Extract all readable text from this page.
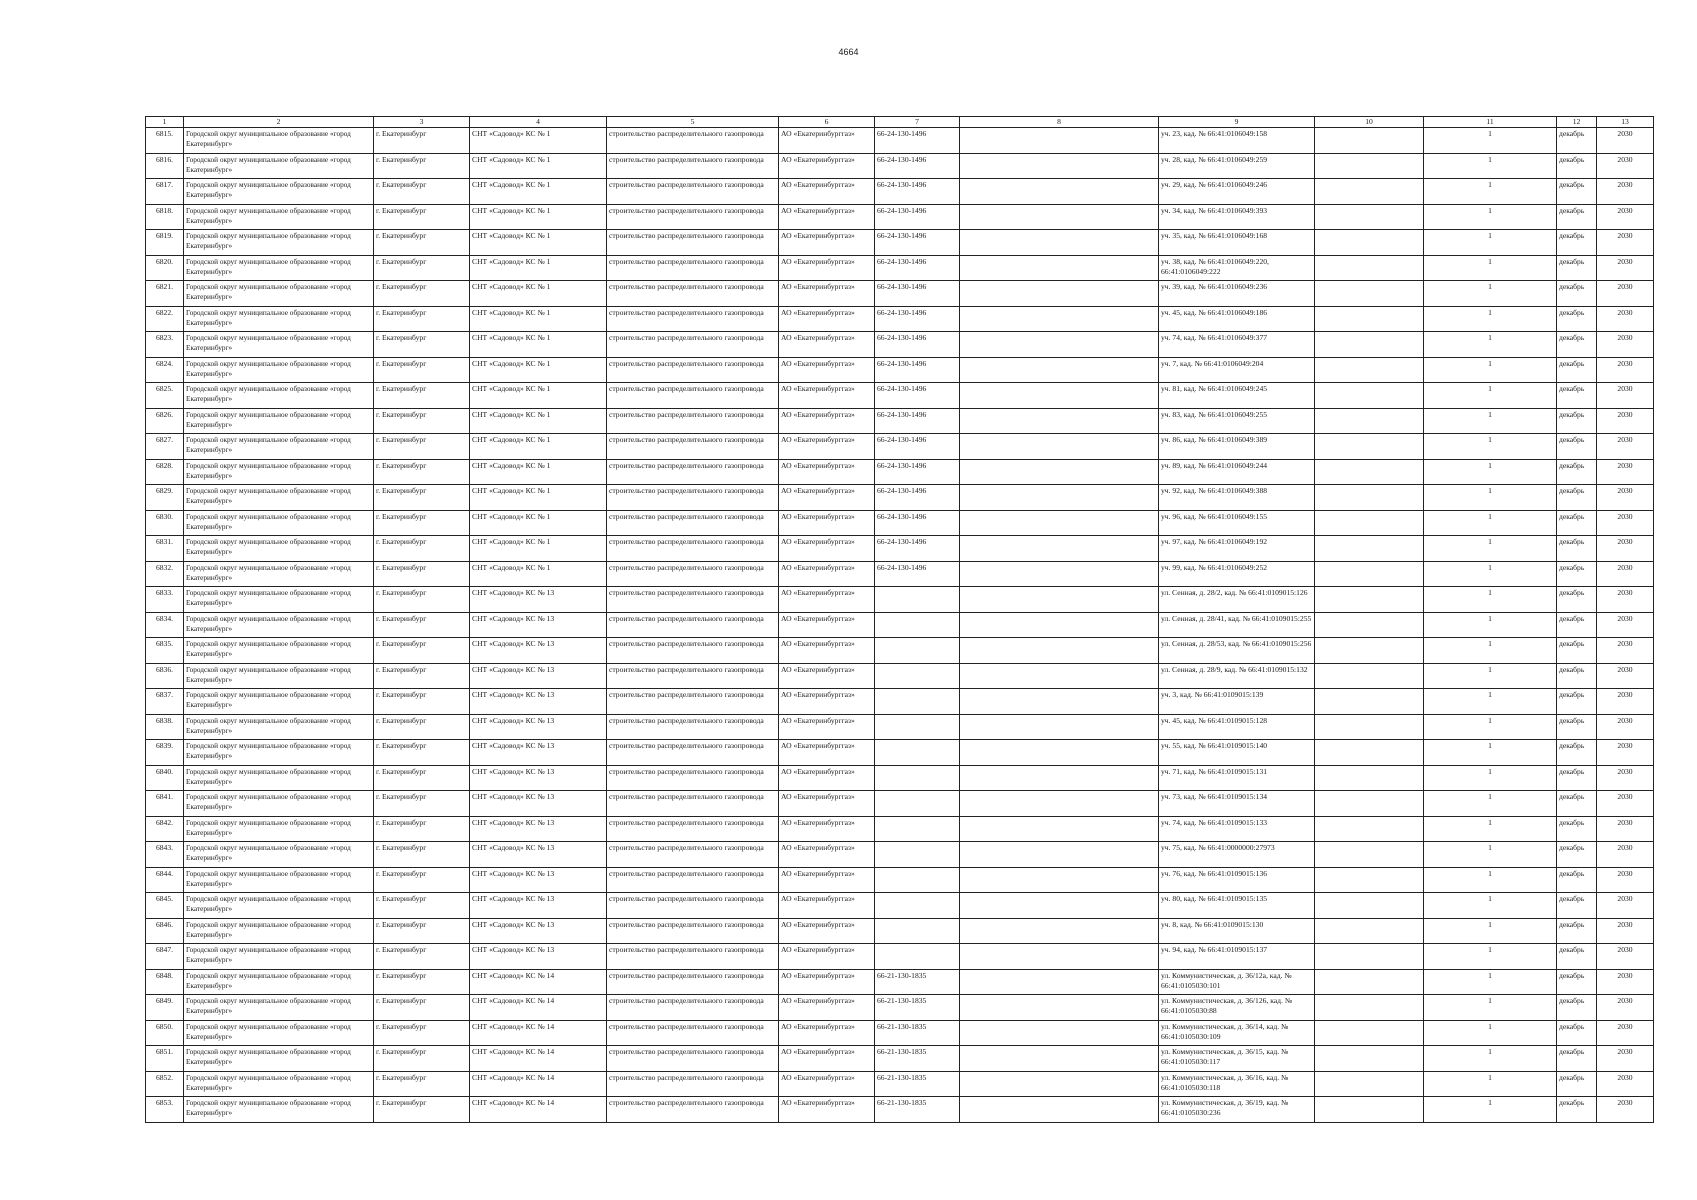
4664
1	2	3	4	5	6	7	8	9	10	11	12	13
6815.	Городской округ муниципальное образование «город Екатеринбург»	г. Екатеринбург	СНТ «Садовод» КС № 1	строительство распределительного газопровода	АО «Екатеринбурггаз»	66-24-130-1496		уч. 23, кад. № 66:41:0106049:158		1	декабрь	2030
6816.	Городской округ муниципальное образование «город Екатеринбург»	г. Екатеринбург	СНТ «Садовод» КС № 1	строительство распределительного газопровода	АО «Екатеринбурггаз»	66-24-130-1496		уч. 28, кад. № 66:41:0106049:259		1	декабрь	2030
6817.	Городской округ муниципальное образование «город Екатеринбург»	г. Екатеринбург	СНТ «Садовод» КС № 1	строительство распределительного газопровода	АО «Екатеринбурггаз»	66-24-130-1496		уч. 29, кад. № 66:41:0106049:246		1	декабрь	2030
6818.	Городской округ муниципальное образование «город Екатеринбург»	г. Екатеринбург	СНТ «Садовод» КС № 1	строительство распределительного газопровода	АО «Екатеринбурггаз»	66-24-130-1496		уч. 34, кад. № 66:41:0106049:393		1	декабрь	2030
6819.	Городской округ муниципальное образование «город Екатеринбург»	г. Екатеринбург	СНТ «Садовод» КС № 1	строительство распределительного газопровода	АО «Екатеринбурггаз»	66-24-130-1496		уч. 35, кад. № 66:41:0106049:168		1	декабрь	2030
6820.	Городской округ муниципальное образование «город Екатеринбург»	г. Екатеринбург	СНТ «Садовод» КС № 1	строительство распределительного газопровода	АО «Екатеринбурггаз»	66-24-130-1496		уч. 38, кад. № 66:41:0106049:220, 66:41:0106049:222		1	декабрь	2030
6821.	Городской округ муниципальное образование «город Екатеринбург»	г. Екатеринбург	СНТ «Садовод» КС № 1	строительство распределительного газопровода	АО «Екатеринбурггаз»	66-24-130-1496		уч. 39, кад. № 66:41:0106049:236		1	декабрь	2030
6822.	Городской округ муниципальное образование «город Екатеринбург»	г. Екатеринбург	СНТ «Садовод» КС № 1	строительство распределительного газопровода	АО «Екатеринбурггаз»	66-24-130-1496		уч. 45, кад. № 66:41:0106049:186		1	декабрь	2030
6823.	Городской округ муниципальное образование «город Екатеринбург»	г. Екатеринбург	СНТ «Садовод» КС № 1	строительство распределительного газопровода	АО «Екатеринбурггаз»	66-24-130-1496		уч. 74, кад. № 66:41:0106049:377		1	декабрь	2030
6824.	Городской округ муниципальное образование «город Екатеринбург»	г. Екатеринбург	СНТ «Садовод» КС № 1	строительство распределительного газопровода	АО «Екатеринбурггаз»	66-24-130-1496		уч. 7, кад. № 66:41:0106049:204		1	декабрь	2030
6825.	Городской округ муниципальное образование «город Екатеринбург»	г. Екатеринбург	СНТ «Садовод» КС № 1	строительство распределительного газопровода	АО «Екатеринбурггаз»	66-24-130-1496		уч. 81, кад. № 66:41:0106049:245		1	декабрь	2030
6826.	Городской округ муниципальное образование «город Екатеринбург»	г. Екатеринбург	СНТ «Садовод» КС № 1	строительство распределительного газопровода	АО «Екатеринбурггаз»	66-24-130-1496		уч. 83, кад. № 66:41:0106049:255		1	декабрь	2030
6827.	Городской округ муниципальное образование «город Екатеринбург»	г. Екатеринбург	СНТ «Садовод» КС № 1	строительство распределительного газопровода	АО «Екатеринбурггаз»	66-24-130-1496		уч. 86, кад. № 66:41:0106049:389		1	декабрь	2030
6828.	Городской округ муниципальное образование «город Екатеринбург»	г. Екатеринбург	СНТ «Садовод» КС № 1	строительство распределительного газопровода	АО «Екатеринбурггаз»	66-24-130-1496		уч. 89, кад. № 66:41:0106049:244		1	декабрь	2030
6829.	Городской округ муниципальное образование «город Екатеринбург»	г. Екатеринбург	СНТ «Садовод» КС № 1	строительство распределительного газопровода	АО «Екатеринбурггаз»	66-24-130-1496		уч. 92, кад. № 66:41:0106049:388		1	декабрь	2030
6830.	Городской округ муниципальное образование «город Екатеринбург»	г. Екатеринбург	СНТ «Садовод» КС № 1	строительство распределительного газопровода	АО «Екатеринбурггаз»	66-24-130-1496		уч. 96, кад. № 66:41:0106049:155		1	декабрь	2030
6831.	Городской округ муниципальное образование «город Екатеринбург»	г. Екатеринбург	СНТ «Садовод» КС № 1	строительство распределительного газопровода	АО «Екатеринбурггаз»	66-24-130-1496		уч. 97, кад. № 66:41:0106049:192		1	декабрь	2030
6832.	Городской округ муниципальное образование «город Екатеринбург»	г. Екатеринбург	СНТ «Садовод» КС № 1	строительство распределительного газопровода	АО «Екатеринбурггаз»	66-24-130-1496		уч. 99, кад. № 66:41:0106049:252		1	декабрь	2030
6833.	Городской округ муниципальное образование «город Екатеринбург»	г. Екатеринбург	СНТ «Садовод» КС № 13	строительство распределительного газопровода	АО «Екатеринбурггаз»			ул. Сенная, д. 28/2, кад. № 66:41:0109015:126		1	декабрь	2030
6834.	Городской округ муниципальное образование «город Екатеринбург»	г. Екатеринбург	СНТ «Садовод» КС № 13	строительство распределительного газопровода	АО «Екатеринбурггаз»			ул. Сенная, д. 28/41, кад. № 66:41:0109015:255		1	декабрь	2030
6835.	Городской округ муниципальное образование «город Екатеринбург»	г. Екатеринбург	СНТ «Садовод» КС № 13	строительство распределительного газопровода	АО «Екатеринбурггаз»			ул. Сенная, д. 28/53, кад. № 66:41:0109015:256		1	декабрь	2030
6836.	Городской округ муниципальное образование «город Екатеринбург»	г. Екатеринбург	СНТ «Садовод» КС № 13	строительство распределительного газопровода	АО «Екатеринбурггаз»			ул. Сенная, д. 28/9, кад. № 66:41:0109015:132		1	декабрь	2030
6837.	Городской округ муниципальное образование «город Екатеринбург»	г. Екатеринбург	СНТ «Садовод» КС № 13	строительство распределительного газопровода	АО «Екатеринбурггаз»			уч. 3, кад. № 66:41:0109015:139		1	декабрь	2030
6838.	Городской округ муниципальное образование «город Екатеринбург»	г. Екатеринбург	СНТ «Садовод» КС № 13	строительство распределительного газопровода	АО «Екатеринбурггаз»			уч. 45, кад. № 66:41:0109015:128		1	декабрь	2030
6839.	Городской округ муниципальное образование «город Екатеринбург»	г. Екатеринбург	СНТ «Садовод» КС № 13	строительство распределительного газопровода	АО «Екатеринбурггаз»			уч. 55, кад. № 66:41:0109015:140		1	декабрь	2030
6840.	Городской округ муниципальное образование «город Екатеринбург»	г. Екатеринбург	СНТ «Садовод» КС № 13	строительство распределительного газопровода	АО «Екатеринбурггаз»			уч. 71, кад. № 66:41:0109015:131		1	декабрь	2030
6841.	Городской округ муниципальное образование «город Екатеринбург»	г. Екатеринбург	СНТ «Садовод» КС № 13	строительство распределительного газопровода	АО «Екатеринбурггаз»			уч. 73, кад. № 66:41:0109015:134		1	декабрь	2030
6842.	Городской округ муниципальное образование «город Екатеринбург»	г. Екатеринбург	СНТ «Садовод» КС № 13	строительство распределительного газопровода	АО «Екатеринбурггаз»			уч. 74, кад. № 66:41:0109015:133		1	декабрь	2030
6843.	Городской округ муниципальное образование «город Екатеринбург»	г. Екатеринбург	СНТ «Садовод» КС № 13	строительство распределительного газопровода	АО «Екатеринбурггаз»			уч. 75, кад. № 66:41:0000000:27973		1	декабрь	2030
6844.	Городской округ муниципальное образование «город Екатеринбург»	г. Екатеринбург	СНТ «Садовод» КС № 13	строительство распределительного газопровода	АО «Екатеринбурггаз»			уч. 76, кад. № 66:41:0109015:136		1	декабрь	2030
6845.	Городской округ муниципальное образование «город Екатеринбург»	г. Екатеринбург	СНТ «Садовод» КС № 13	строительство распределительного газопровода	АО «Екатеринбурггаз»			уч. 80, кад. № 66:41:0109015:135		1	декабрь	2030
6846.	Городской округ муниципальное образование «город Екатеринбург»	г. Екатеринбург	СНТ «Садовод» КС № 13	строительство распределительного газопровода	АО «Екатеринбурггаз»			уч. 8, кад. № 66:41:0109015:130		1	декабрь	2030
6847.	Городской округ муниципальное образование «город Екатеринбург»	г. Екатеринбург	СНТ «Садовод» КС № 13	строительство распределительного газопровода	АО «Екатеринбурггаз»			уч. 94, кад. № 66:41:0109015:137		1	декабрь	2030
6848.	Городской округ муниципальное образование «город Екатеринбург»	г. Екатеринбург	СНТ «Садовод» КС № 14	строительство распределительного газопровода	АО «Екатеринбурггаз»	66-21-130-1835		ул. Коммунистическая, д. 36/12а, кад. № 66:41:0105030:101		1	декабрь	2030
6849.	Городской округ муниципальное образование «город Екатеринбург»	г. Екатеринбург	СНТ «Садовод» КС № 14	строительство распределительного газопровода	АО «Екатеринбурггаз»	66-21-130-1835		ул. Коммунистическая, д. 36/126, кад. № 66:41:0105030:88		1	декабрь	2030
6850.	Городской округ муниципальное образование «город Екатеринбург»	г. Екатеринбург	СНТ «Садовод» КС № 14	строительство распределительного газопровода	АО «Екатеринбурггаз»	66-21-130-1835		ул. Коммунистическая, д. 36/14, кад. № 66:41:0105030:109		1	декабрь	2030
6851.	Городской округ муниципальное образование «город Екатеринбург»	г. Екатеринбург	СНТ «Садовод» КС № 14	строительство распределительного газопровода	АО «Екатеринбурггаз»	66-21-130-1835		ул. Коммунистическая, д. 36/15, кад. № 66:41:0105030:117		1	декабрь	2030
6852.	Городской округ муниципальное образование «город Екатеринбург»	г. Екатеринбург	СНТ «Садовод» КС № 14	строительство распределительного газопровода	АО «Екатеринбурггаз»	66-21-130-1835		ул. Коммунистическая, д. 36/16, кад. № 66:41:0105030:118		1	декабрь	2030
6853.	Городской округ муниципальное образование «город Екатеринбург»	г. Екатеринбург	СНТ «Садовод» КС № 14	строительство распределительного газопровода	АО «Екатеринбурггаз»	66-21-130-1835		ул. Коммунистическая, д. 36/19, кад. № 66:41:0105030:236		1	декабрь	2030
